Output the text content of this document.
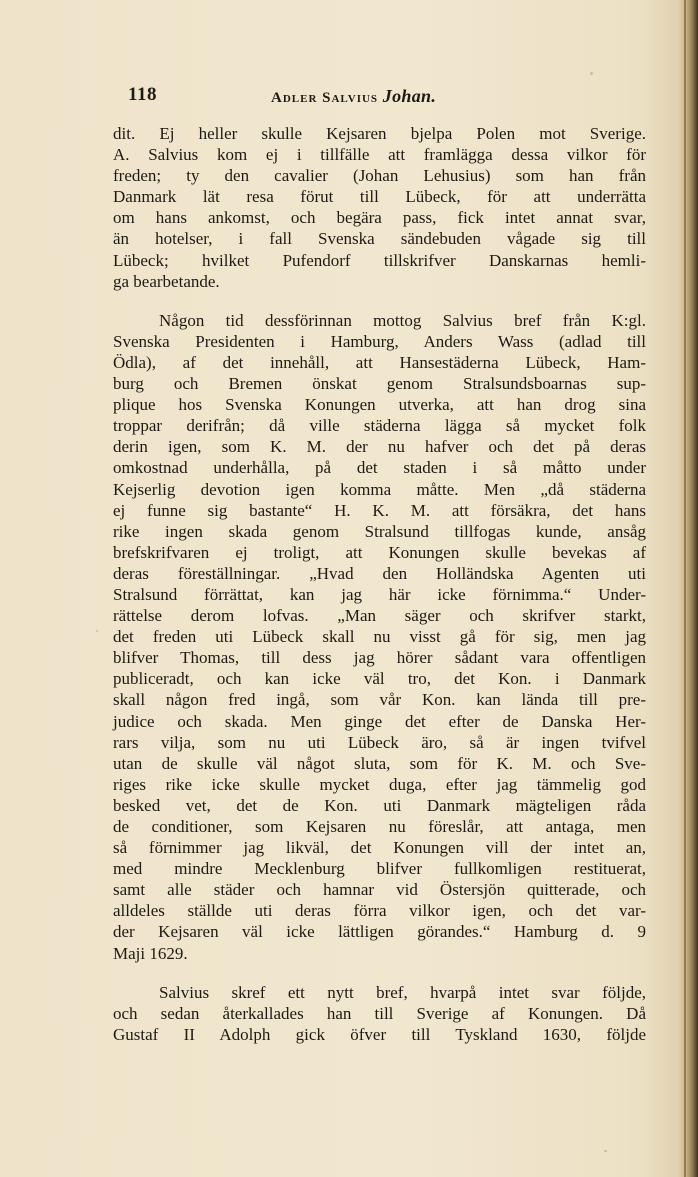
118	Adler Salvius Johan.

dit. Ej heller skulle Kejsaren bjelpa Polen mot Sverige.
A. Salvius kom ej i tillfälle att framlägga dessa vilkor för
freden; ty den cavalier (Johan Lehusius) som han från
Danmark lät resa förut till Lübeck, för att underrätta
om hans ankomst, och begära pass, fick intet annat svar,
än hotelser, i fall Svenska sändebuden vågade sig till
Lübeck; hvilket Pufendorf tillskrifver Danskarnas hemli-
ga bearbetande.

Någon tid dessförinnan mottog Salvius bref från K:gl.
Svenska Presidenten i Hamburg, Anders Wass (adlad till
Ödla), af det innehåll, att Hansestäderna Lübeck, Ham-
burg och Bremen önskat genom Stralsundsboarnas sup-
plique hos Svenska Konungen utverka, att han drog sina
troppar derifrån; då ville städerna lägga så mycket folk
derin igen, som K. M. der nu hafver och det på deras
omkostnad underhålla, på det staden i så måtto under
Kejserlig devotion igen komma måtte. Men „då städerna
ej funne sig bastante“ H. K. M. att försäkra, det hans
rike ingen skada genom Stralsund tillfogas kunde, ansåg
brefskrifvaren ej troligt, att Konungen skulle bevekas af
deras föreställningar. „Hvad den Holländska Agenten uti
Stralsund förrättat, kan jag här icke förnimma.“ Under-
rättelse derom lofvas. „Man säger och skrifver starkt,
det freden uti Lübeck skall nu visst gå för sig, men jag
blifver Thomas, till dess jag hörer sådant vara offentligen
publiceradt, och kan icke väl tro, det Kon. i Danmark
skall någon fred ingå, som vår Kon. kan lända till pre-
judice och skada. Men ginge det efter de Danska Her-
rars vilja, som nu uti Lübeck äro, så är ingen tvifvel
utan de skulle väl något sluta, som för K. M. och Sve-
riges rike icke skulle mycket duga, efter jag tämmelig god
besked vet, det de Kon. uti Danmark mägteligen råda
de conditioner, som Kejsaren nu föreslår, att antaga, men
så förnimmer jag likväl, det Konungen vill der intet an,
med mindre Mecklenburg blifver fullkomligen restituerat,
samt alle städer och hamnar vid Östersjön quitterade, och
alldeles ställde uti deras förra vilkor igen, och det var-
der Kejsaren väl icke lättligen görandes.“ Hamburg d. 9
Maji 1629.

Salvius skref ett nytt bref, hvarpå intet svar följde,
och sedan återkallades han till Sverige af Konungen. Då
Gustaf II Adolph gick öfver till Tyskland 1630, följde
